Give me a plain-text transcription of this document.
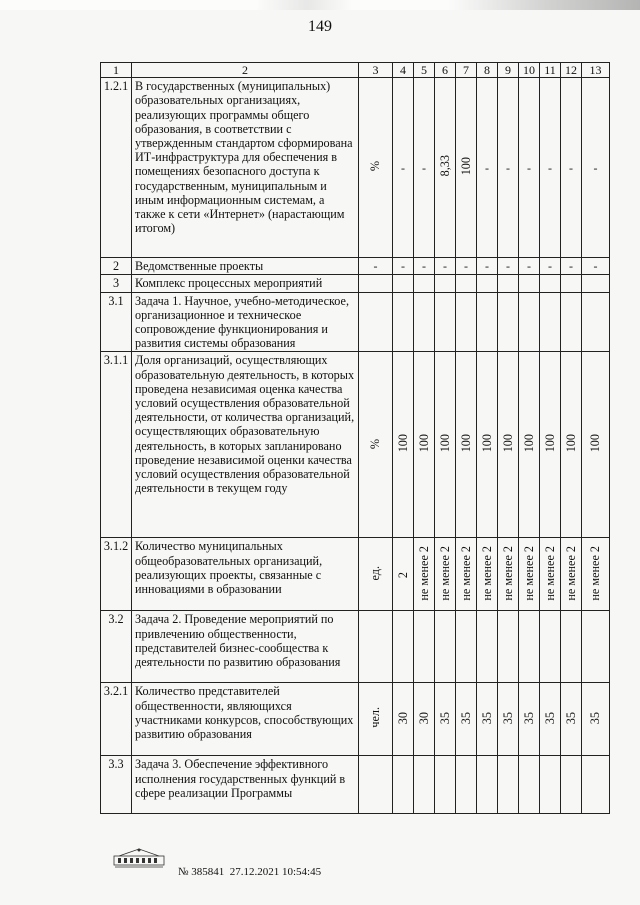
149
1	2	3	4	5	6	7	8	9	10	11	12	13
1.2.1	В государственных (муниципальных) образовательных организациях, реализующих программы общего образования, в соответствии с утвержденным стандартом сформирована ИТ-инфраструктура для обеспечения в помещениях безопасного доступа к государственным, муниципальным и иным информационным системам, а также к сети «Интернет» (нарастающим итогом)	%	-	-	8,33	100	-	-	-	-	-	-
2	Ведомственные проекты	-	-	-	-	-	-	-	-	-	-	-
3	Комплекс процессных мероприятий											
3.1	Задача 1. Научное, учебно-методическое, организационное и техническое сопровождение функционирования и развития системы образования											
3.1.1	Доля организаций, осуществляющих образовательную деятельность, в которых проведена независимая оценка качества условий осуществления образовательной деятельности, от количества организаций, осуществляющих образовательную деятельность, в которых запланировано проведение независимой оценки качества условий осуществления образовательной деятельности в текущем году	%	100	100	100	100	100	100	100	100	100	100
3.1.2	Количество муниципальных общеобразовательных организаций, реализующих проекты, связанные с инновациями в образовании	ед.	2	не менее 2	не менее 2	не менее 2	не менее 2	не менее 2	не менее 2	не менее 2	не менее 2	не менее 2
3.2	Задача 2. Проведение мероприятий по привлечению общественности, представителей бизнес-сообщества к деятельности по развитию образования											
3.2.1	Количество представителей общественности, являющихся участниками конкурсов, способствующих развитию образования	чел.	30	30	35	35	35	35	35	35	35	35
3.3	Задача 3. Обеспечение эффективного исполнения государственных функций в сфере реализации Программы											
№ 385841 27.12.2021 10:54:45
